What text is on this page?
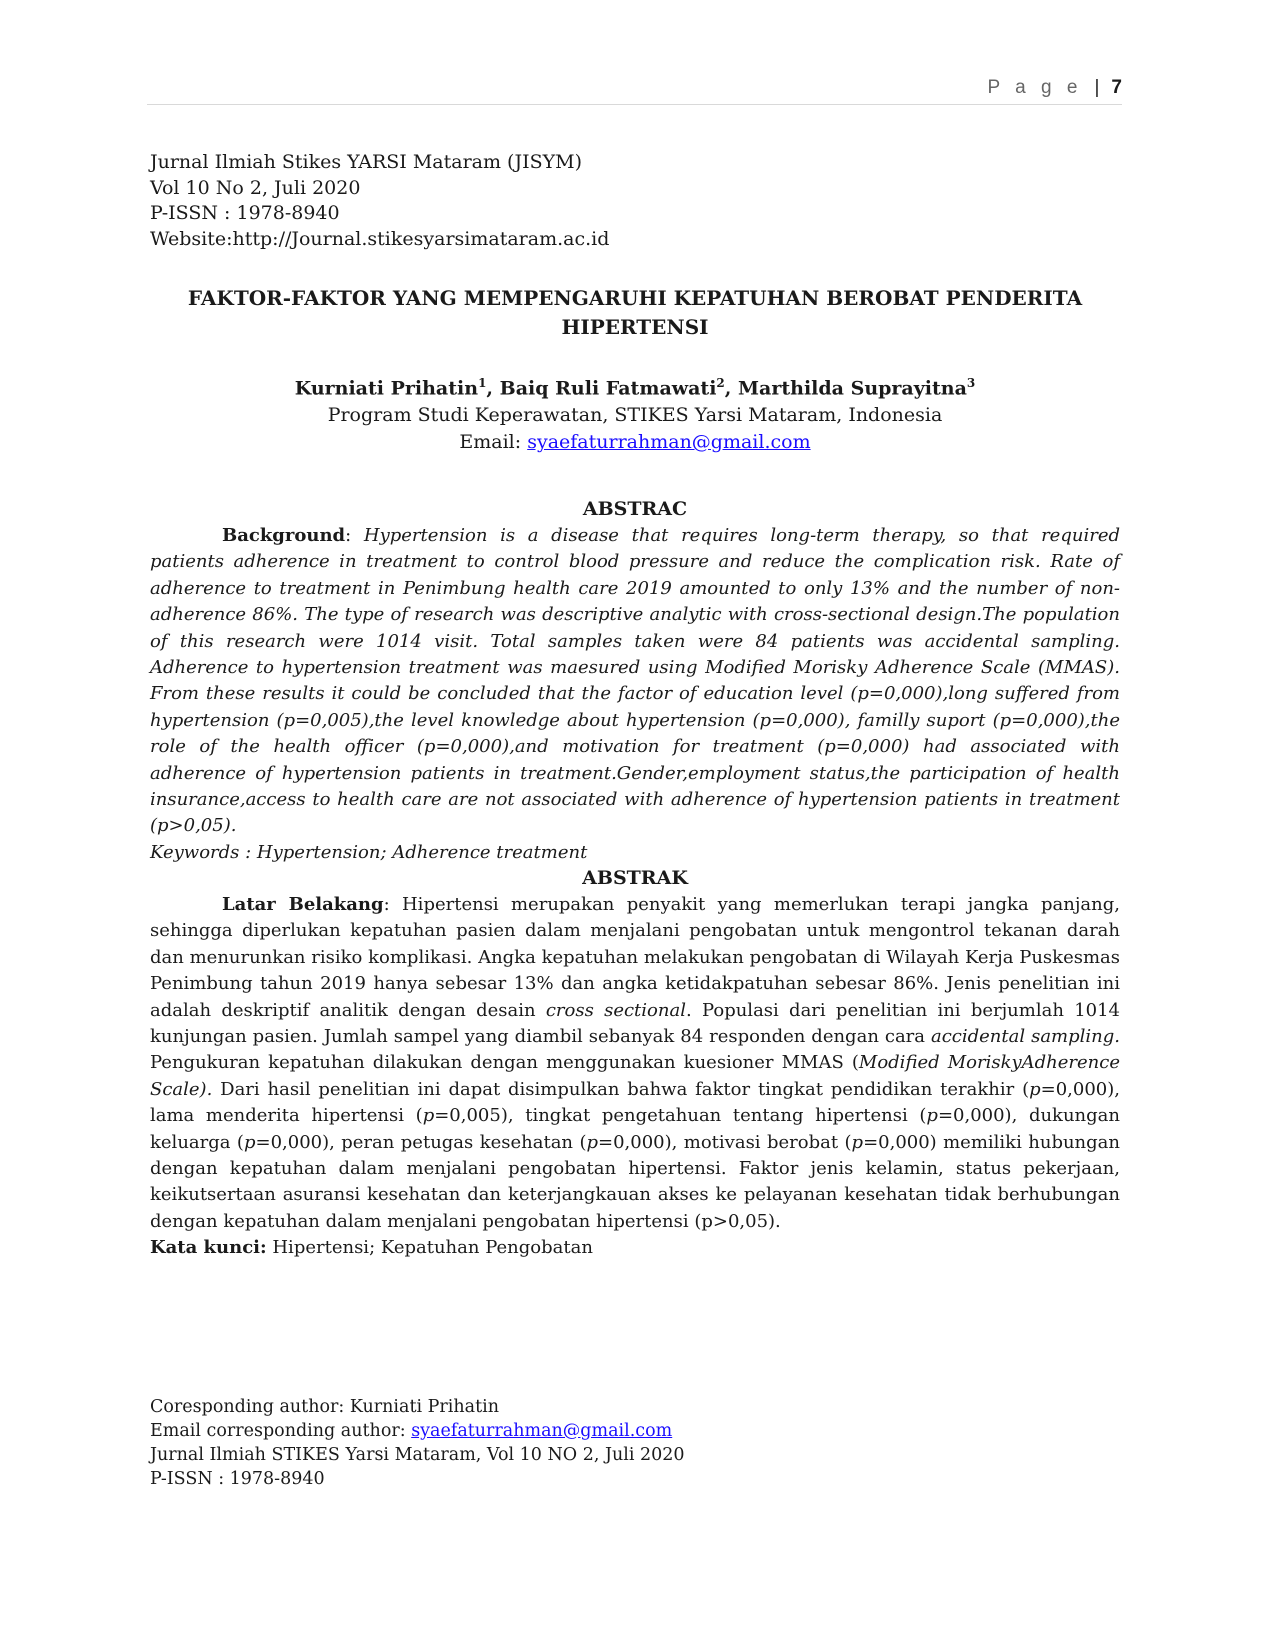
P a g e | 7
Jurnal Ilmiah Stikes YARSI Mataram (JISYM)
Vol 10 No 2, Juli 2020
P-ISSN : 1978-8940
Website:http://Journal.stikesyarsimataram.ac.id
FAKTOR-FAKTOR YANG MEMPENGARUHI KEPATUHAN BEROBAT PENDERITA
HIPERTENSI
Kurniati Prihatin$^1$, Baiq Ruli Fatmawati$^2$, Marthilda Suprayitna$^3$
Program Studi Keperawatan, STIKES Yarsi Mataram, Indonesia
Email: syaefaturrahman@gmail.com
ABSTRAC

Background: Hypertension is a disease that requires long-term therapy, so that required patients adherence in treatment to control blood pressure and reduce the complication risk. Rate of adherence to treatment in Penimbung health care 2019 amounted to only 13% and the number of non-adherence 86%. The type of research was descriptive analytic with cross-sectional design.The population of this research were 1014 visit. Total samples taken were 84 patients was accidental sampling. Adherence to hypertension treatment was maesured using Modified Morisky Adherence Scale (MMAS). From these results it could be concluded that the factor of education level (p=0,000),long suffered from hypertension (p=0,005),the level knowledge about hypertension (p=0,000), familly suport (p=0,000),the role of the health officer (p=0,000),and motivation for treatment (p=0,000) had associated with adherence of hypertension patients in treatment.Gender,employment status,the participation of health insurance,access to health care are not associated with adherence of hypertension patients in treatment (p>0,05).

Keywords : Hypertension; Adherence treatment
ABSTRAK

Latar Belakang: Hipertensi merupakan penyakit yang memerlukan terapi jangka panjang, sehingga diperlukan kepatuhan pasien dalam menjalani pengobatan untuk mengontrol tekanan darah dan menurunkan risiko komplikasi. Angka kepatuhan melakukan pengobatan di Wilayah Kerja Puskesmas Penimbung tahun 2019 hanya sebesar 13% dan angka ketidakpatuhan sebesar 86%. Jenis penelitian ini adalah deskriptif analitik dengan desain cross sectional. Populasi dari penelitian ini berjumlah 1014 kunjungan pasien. Jumlah sampel yang diambil sebanyak 84 responden dengan cara accidental sampling. Pengukuran kepatuhan dilakukan dengan menggunakan kuesioner MMAS (Modified MoriskyAdherence Scale). Dari hasil penelitian ini dapat disimpulkan bahwa faktor tingkat pendidikan terakhir (p=0,000), lama menderita hipertensi (p=0,005), tingkat pengetahuan tentang hipertensi (p=0,000), dukungan keluarga (p=0,000), peran petugas kesehatan (p=0,000), motivasi berobat (p=0,000) memiliki hubungan dengan kepatuhan dalam menjalani pengobatan hipertensi. Faktor jenis kelamin, status pekerjaan, keikutsertaan asuransi kesehatan dan keterjangkauan akses ke pelayanan kesehatan tidak berhubungan dengan kepatuhan dalam menjalani pengobatan hipertensi (p>0,05).

Kata kunci: Hipertensi; Kepatuhan Pengobatan
Coresponding author: Kurniati Prihatin
Email corresponding author: syaefaturrahman@gmail.com
Jurnal Ilmiah STIKES Yarsi Mataram, Vol 10 NO 2, Juli 2020
P-ISSN : 1978-8940
